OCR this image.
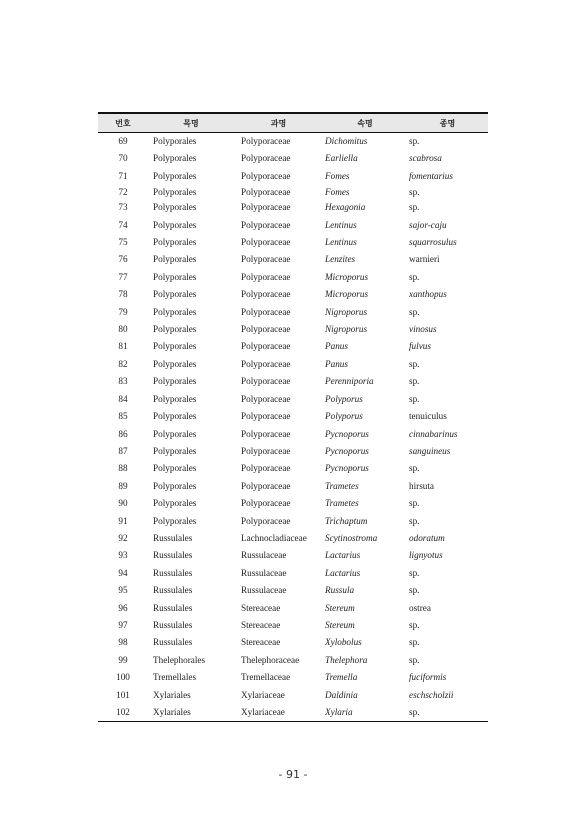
번호	목명	과명	속명	종명
69	Polyporales	Polyporaceae	Dichomitus	sp.
70	Polyporales	Polyporaceae	Earliella	scabrosa
71	Polyporales	Polyporaceae	Fomes	fomentarius
72	Polyporales	Polyporaceae	Fomes	sp.
73	Polyporales	Polyporaceae	Hexagonia	sp.
74	Polyporales	Polyporaceae	Lentinus	sajor-caju
75	Polyporales	Polyporaceae	Lentinus	squarrosulus
76	Polyporales	Polyporaceae	Lenzites	warnieri
77	Polyporales	Polyporaceae	Microporus	sp.
78	Polyporales	Polyporaceae	Microporus	xanthopus
79	Polyporales	Polyporaceae	Nigroporus	sp.
80	Polyporales	Polyporaceae	Nigroporus	vinosus
81	Polyporales	Polyporaceae	Panus	fulvus
82	Polyporales	Polyporaceae	Panus	sp.
83	Polyporales	Polyporaceae	Perenniporia	sp.
84	Polyporales	Polyporaceae	Polyporus	sp.
85	Polyporales	Polyporaceae	Polyporus	tenuiculus
86	Polyporales	Polyporaceae	Pycnoporus	cinnabarinus
87	Polyporales	Polyporaceae	Pycnoporus	sanguineus
88	Polyporales	Polyporaceae	Pycnoporus	sp.
89	Polyporales	Polyporaceae	Trametes	hirsuta
90	Polyporales	Polyporaceae	Trametes	sp.
91	Polyporales	Polyporaceae	Trichaptum	sp.
92	Russulales	Lachnocladiaceae	Scytinostroma	odoratum
93	Russulales	Russulaceae	Lactarius	lignyotus
94	Russulales	Russulaceae	Lactarius	sp.
95	Russulales	Russulaceae	Russula	sp.
96	Russulales	Stereaceae	Stereum	ostrea
97	Russulales	Stereaceae	Stereum	sp.
98	Russulales	Stereaceae	Xylobolus	sp.
99	Thelephorales	Thelephoraceae	Thelephora	sp.
100	Tremellales	Tremellaceae	Tremella	fuciformis
101	Xylariales	Xylariaceae	Daldinia	eschscholzii
102	Xylariales	Xylariaceae	Xylaria	sp.
- 91 -
